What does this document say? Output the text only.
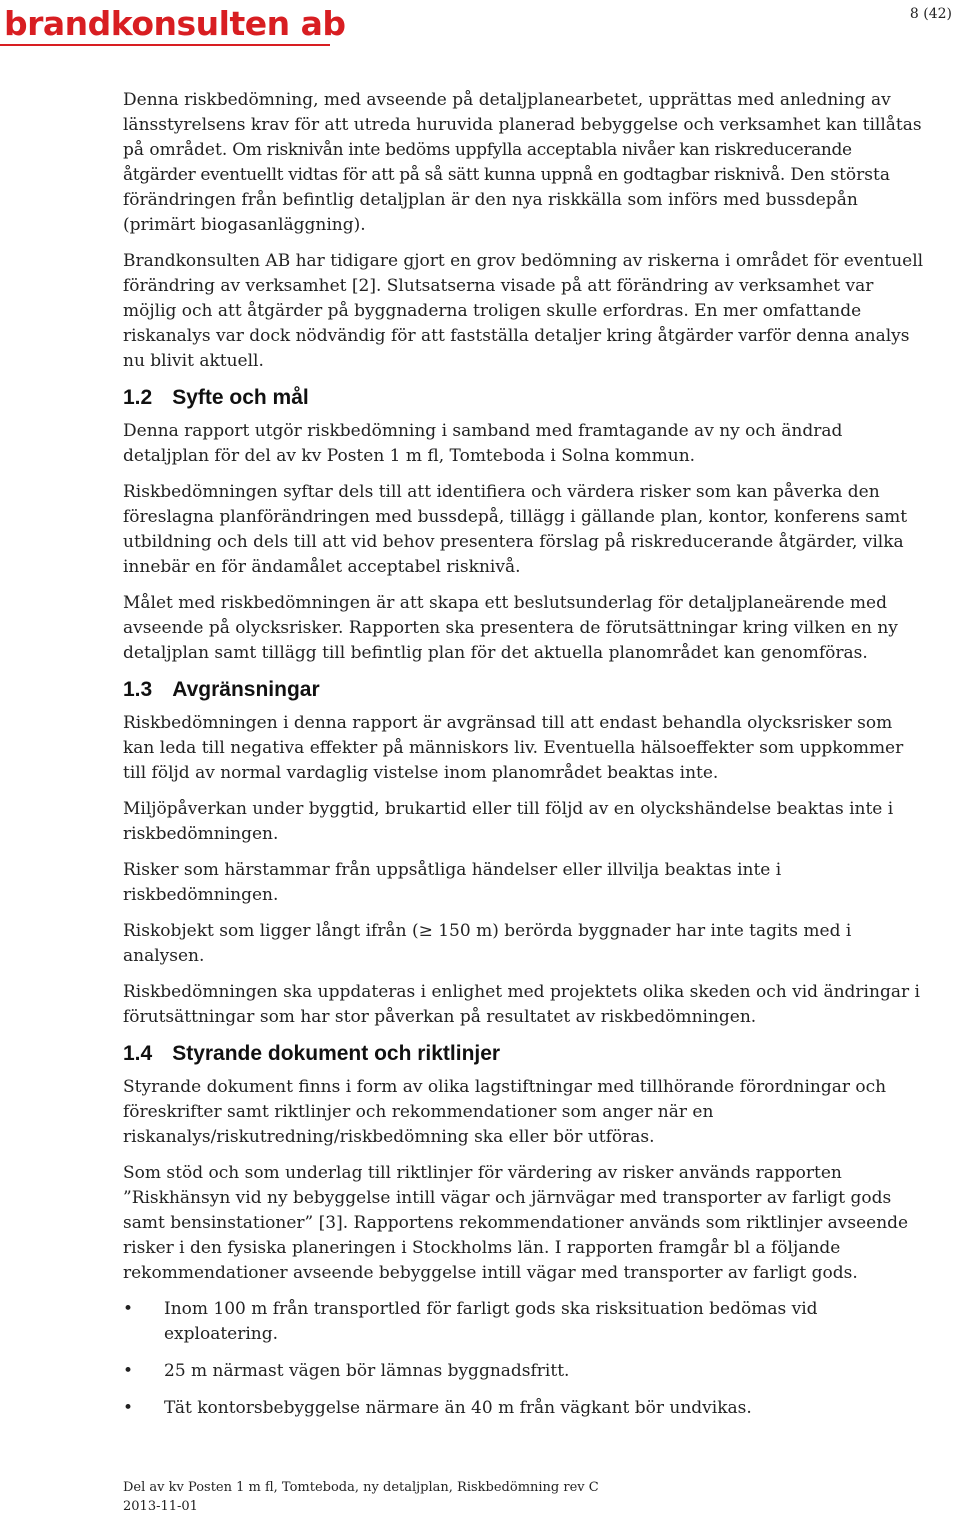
brandkonsulten ab	8 (42)

Denna riskbedömning, med avseende på detaljplanearbetet, upprättas med anledning av länsstyrelsens krav för att utreda huruvida planerad bebyggelse och verksamhet kan tillåtas på området. Om risknivån inte bedöms uppfylla acceptabla nivåer kan riskreducerande åtgärder eventuellt vidtas för att på så sätt kunna uppnå en godtagbar risknivå. Den största förändringen från befintlig detaljplan är den nya riskkälla som införs med bussdepån (primärt biogasanläggning).

Brandkonsulten AB har tidigare gjort en grov bedömning av riskerna i området för eventuell förändring av verksamhet [2]. Slutsatserna visade på att förändring av verksamhet var möjlig och att åtgärder på byggnaderna troligen skulle erfordras. En mer omfattande riskanalys var dock nödvändig för att fastställa detaljer kring åtgärder varför denna analys nu blivit aktuell.

1.2 Syfte och mål

Denna rapport utgör riskbedömning i samband med framtagande av ny och ändrad detaljplan för del av kv Posten 1 m fl, Tomteboda i Solna kommun.

Riskbedömningen syftar dels till att identifiera och värdera risker som kan påverka den föreslagna planförändringen med bussdepå, tillägg i gällande plan, kontor, konferens samt utbildning och dels till att vid behov presentera förslag på riskreducerande åtgärder, vilka innebär en för ändamålet acceptabel risknivå.

Målet med riskbedömningen är att skapa ett beslutsunderlag för detaljplaneärende med avseende på olycksrisker. Rapporten ska presentera de förutsättningar kring vilken en ny detaljplan samt tillägg till befintlig plan för det aktuella planområdet kan genomföras.

1.3 Avgränsningar

Riskbedömningen i denna rapport är avgränsad till att endast behandla olycksrisker som kan leda till negativa effekter på människors liv. Eventuella hälsoeffekter som uppkommer till följd av normal vardaglig vistelse inom planområdet beaktas inte.

Miljöpåverkan under byggtid, brukartid eller till följd av en olyckshändelse beaktas inte i riskbedömningen.

Risker som härstammar från uppsåtliga händelser eller illvilja beaktas inte i riskbedömningen.

Riskobjekt som ligger långt ifrån (≥ 150 m) berörda byggnader har inte tagits med i analysen.

Riskbedömningen ska uppdateras i enlighet med projektets olika skeden och vid ändringar i förutsättningar som har stor påverkan på resultatet av riskbedömningen.

1.4 Styrande dokument och riktlinjer

Styrande dokument finns i form av olika lagstiftningar med tillhörande förordningar och föreskrifter samt riktlinjer och rekommendationer som anger när en riskanalys/riskutredning/riskbedömning ska eller bör utföras.

Som stöd och som underlag till riktlinjer för värdering av risker används rapporten ”Riskhänsyn vid ny bebyggelse intill vägar och järnvägar med transporter av farligt gods samt bensinstationer” [3]. Rapportens rekommendationer används som riktlinjer avseende risker i den fysiska planeringen i Stockholms län. I rapporten framgår bl a följande rekommendationer avseende bebyggelse intill vägar med transporter av farligt gods.

• Inom 100 m från transportled för farligt gods ska risksituation bedömas vid exploatering.
• 25 m närmast vägen bör lämnas byggnadsfritt.
• Tät kontorsbebyggelse närmare än 40 m från vägkant bör undvikas.
Del av kv Posten 1 m fl, Tomteboda, ny detaljplan, Riskbedömning rev C
2013-11-01
